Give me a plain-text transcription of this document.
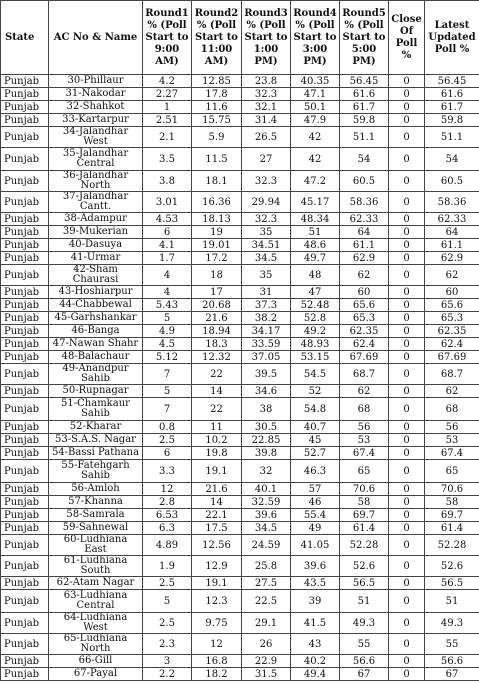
State	AC No & Name	Round1 % (Poll Start to 9:00 AM)	Round2 % (Poll Start to 11:00 AM)	Round3 % (Poll Start to 1:00 PM)	Round4 % (Poll Start to 3:00 PM)	Round5 % (Poll Start to 5:00 PM)	Close Of Poll %	Latest Updated Poll %
Punjab	30-Phillaur	4.2	12.85	23.8	40.35	56.45	0	56.45
Punjab	31-Nakodar	2.27	17.8	32.3	47.1	61.6	0	61.6
Punjab	32-Shahkot	1	11.6	32.1	50.1	61.7	0	61.7
Punjab	33-Kartarpur	2.51	15.75	31.4	47.9	59.8	0	59.8
Punjab	34-Jalandhar West	2.1	5.9	26.5	42	51.1	0	51.1
Punjab	35-Jalandhar Central	3.5	11.5	27	42	54	0	54
Punjab	36-Jalandhar North	3.8	18.1	32.3	47.2	60.5	0	60.5
Punjab	37-Jalandhar Cantt.	3.01	16.36	29.94	45.17	58.36	0	58.36
Punjab	38-Adampur	4.53	18.13	32.3	48.34	62.33	0	62.33
Punjab	39-Mukerian	6	19	35	51	64	0	64
Punjab	40-Dasuya	4.1	19.01	34.51	48.6	61.1	0	61.1
Punjab	41-Urmar	1.7	17.2	34.5	49.7	62.9	0	62.9
Punjab	42-Sham Chaurasi	4	18	35	48	62	0	62
Punjab	43-Hoshiarpur	4	17	31	47	60	0	60
Punjab	44-Chabbewal	5.43	20.68	37.3	52.48	65.6	0	65.6
Punjab	45-Garhshankar	5	21.6	38.2	52.8	65.3	0	65.3
Punjab	46-Banga	4.9	18.94	34.17	49.2	62.35	0	62.35
Punjab	47-Nawan Shahr	4.5	18.3	33.59	48.93	62.4	0	62.4
Punjab	48-Balachaur	5.12	12.32	37.05	53.15	67.69	0	67.69
Punjab	49-Anandpur Sahib	7	22	39.5	54.5	68.7	0	68.7
Punjab	50-Rupnagar	5	14	34.6	52	62	0	62
Punjab	51-Chamkaur Sahib	7	22	38	54.8	68	0	68
Punjab	52-Kharar	0.8	11	30.5	40.7	56	0	56
Punjab	53-S.A.S. Nagar	2.5	10.2	22.85	45	53	0	53
Punjab	54-Bassi Pathana	6	19.8	39.8	52.7	67.4	0	67.4
Punjab	55-Fatehgarh Sahib	3.3	19.1	32	46.3	65	0	65
Punjab	56-Amloh	12	21.6	40.1	57	70.6	0	70.6
Punjab	57-Khanna	2.8	14	32.59	46	58	0	58
Punjab	58-Samrala	6.53	22.1	39.6	55.4	69.7	0	69.7
Punjab	59-Sahnewal	6.3	17.5	34.5	49	61.4	0	61.4
Punjab	60-Ludhiana East	4.89	12.56	24.59	41.05	52.28	0	52.28
Punjab	61-Ludhiana South	1.9	12.9	25.8	39.6	52.6	0	52.6
Punjab	62-Atam Nagar	2.5	19.1	27.5	43.5	56.5	0	56.5
Punjab	63-Ludhiana Central	5	12.3	22.5	39	51	0	51
Punjab	64-Ludhiana West	2.5	9.75	29.1	41.5	49.3	0	49.3
Punjab	65-Ludhiana North	2.3	12	26	43	55	0	55
Punjab	66-Gill	3	16.8	22.9	40.2	56.6	0	56.6
Punjab	67-Payal	2.2	18.2	31.5	49.4	67	0	67
